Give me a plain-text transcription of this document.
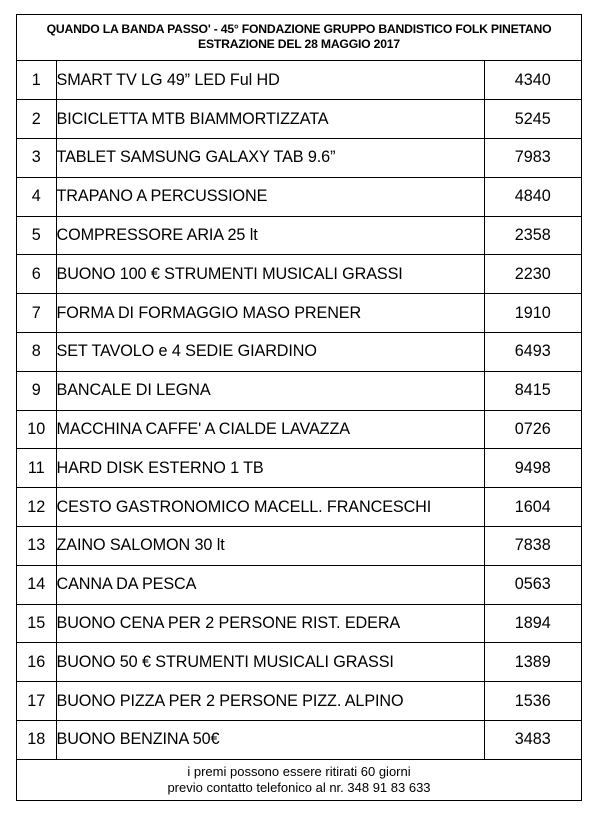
QUANDO LA BANDA PASSO' - 45° FONDAZIONE GRUPPO BANDISTICO FOLK PINETANO
ESTRAZIONE DEL 28 MAGGIO 2017
1	SMART TV LG 49” LED Ful HD	4340
2	BICICLETTA MTB BIAMMORTIZZATA	5245
3	TABLET SAMSUNG GALAXY TAB 9.6”	7983
4	TRAPANO A PERCUSSIONE	4840
5	COMPRESSORE ARIA 25 lt	2358
6	BUONO 100 € STRUMENTI MUSICALI GRASSI	2230
7	FORMA DI FORMAGGIO MASO PRENER	1910
8	SET TAVOLO e 4 SEDIE GIARDINO	6493
9	BANCALE DI LEGNA	8415
10	MACCHINA CAFFE' A CIALDE LAVAZZA	0726
11	HARD DISK ESTERNO 1 TB	9498
12	CESTO GASTRONOMICO MACELL. FRANCESCHI	1604
13	ZAINO SALOMON 30 lt	7838
14	CANNA DA PESCA	0563
15	BUONO CENA PER 2 PERSONE RIST. EDERA	1894
16	BUONO 50 € STRUMENTI MUSICALI GRASSI	1389
17	BUONO PIZZA PER 2 PERSONE PIZZ. ALPINO	1536
18	BUONO BENZINA 50€	3483
i premi possono essere ritirati 60 giorni
previo contatto telefonico al nr. 348 91 83 633
